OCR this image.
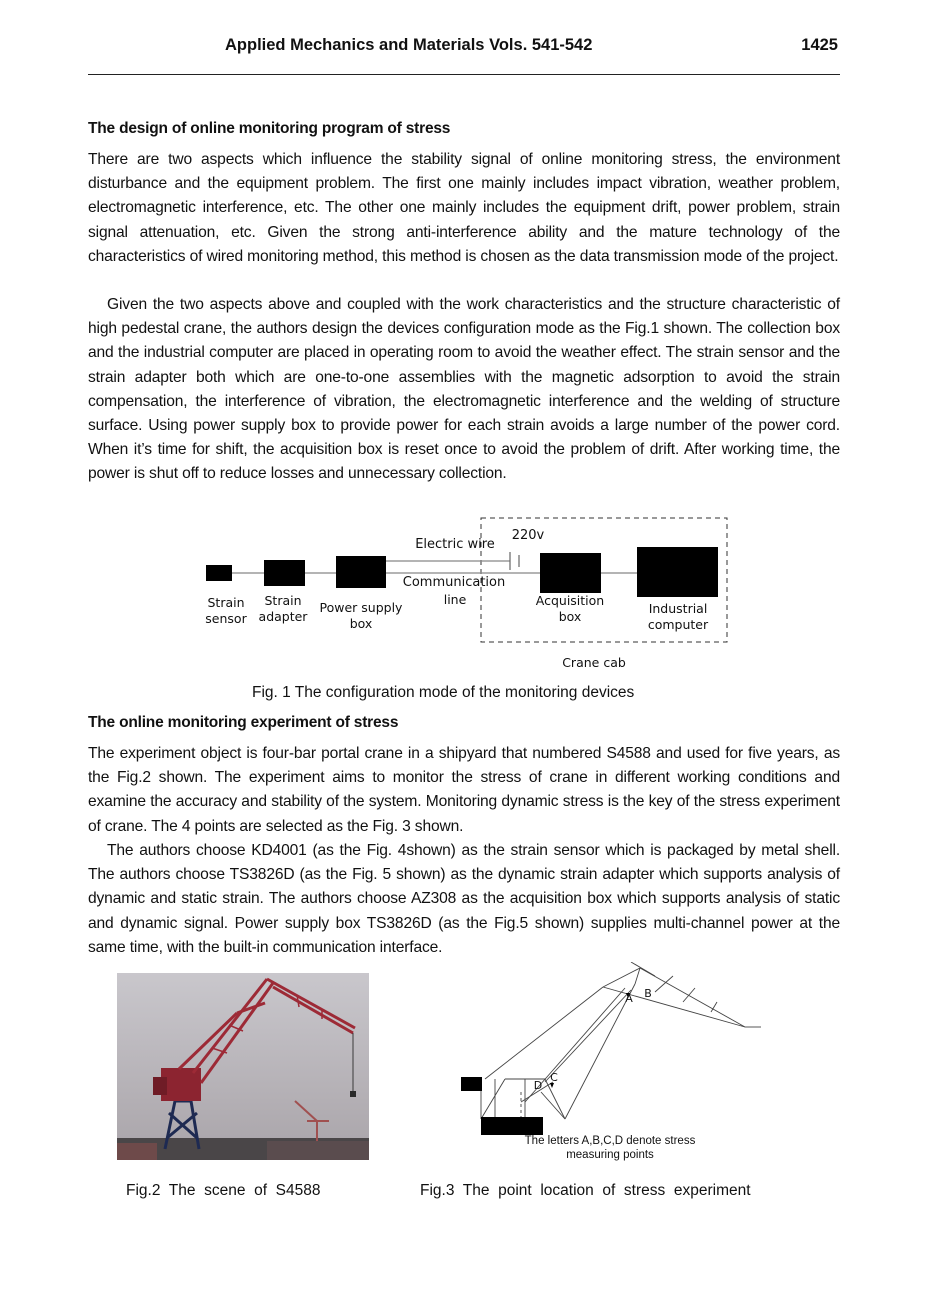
Applied Mechanics and Materials Vols. 541-542	1425
The design of online monitoring program of stress

There are two aspects which influence the stability signal of online monitoring stress, the environment disturbance and the equipment problem. The first one mainly includes impact vibration, weather problem, electromagnetic interference, etc. The other one mainly includes the equipment drift, power problem, strain signal attenuation, etc. Given the strong anti-interference ability and the mature technology of the characteristics of wired monitoring method, this method is chosen as the data transmission mode of the project.

Given the two aspects above and coupled with the work characteristics and the structure characteristic of high pedestal crane, the authors design the devices configuration mode as the Fig.1 shown. The collection box and the industrial computer are placed in operating room to avoid the weather effect. The strain sensor and the strain adapter both which are one-to-one assemblies with the magnetic adsorption to avoid the strain compensation, the interference of vibration, the electromagnetic interference and the welding of structure surface. Using power supply box to provide power for each strain avoids a large number of the power cord. When it’s time for shift, the acquisition box is reset once to avoid the problem of drift. After working time, the power is shut off to reduce losses and unnecessary collection.

Electric wire
220v
Communication
line
Strain
sensor
Strain
adapter
Power supply
box
Acquisition
box
Industrial
computer
Crane cab
Fig. 1 The configuration mode of the monitoring devices
The online monitoring experiment of stress

The experiment object is four-bar portal crane in a shipyard that numbered S4588 and used for five years, as the Fig.2 shown. The experiment aims to monitor the stress of crane in different working conditions and examine the accuracy and stability of the system. Monitoring dynamic stress is the key of the stress experiment of crane. The 4 points are selected as the Fig. 3 shown.

The authors choose KD4001 (as the Fig. 4shown) as the strain sensor which is packaged by metal shell. The authors choose TS3826D (as the Fig. 5 shown) as the dynamic strain adapter which supports analysis of dynamic and static strain. The authors choose AZ308 as the acquisition box which supports analysis of static and dynamic signal. Power supply box TS3826D (as the Fig.5 shown) supplies multi-channel power at the same time, with the built-in communication interface.

Fig.2  The  scene  of  S4588
A B
C
D
The letters A,B,C,D denote stress
measuring points
Fig.3  The  point  location  of  stress  experiment
